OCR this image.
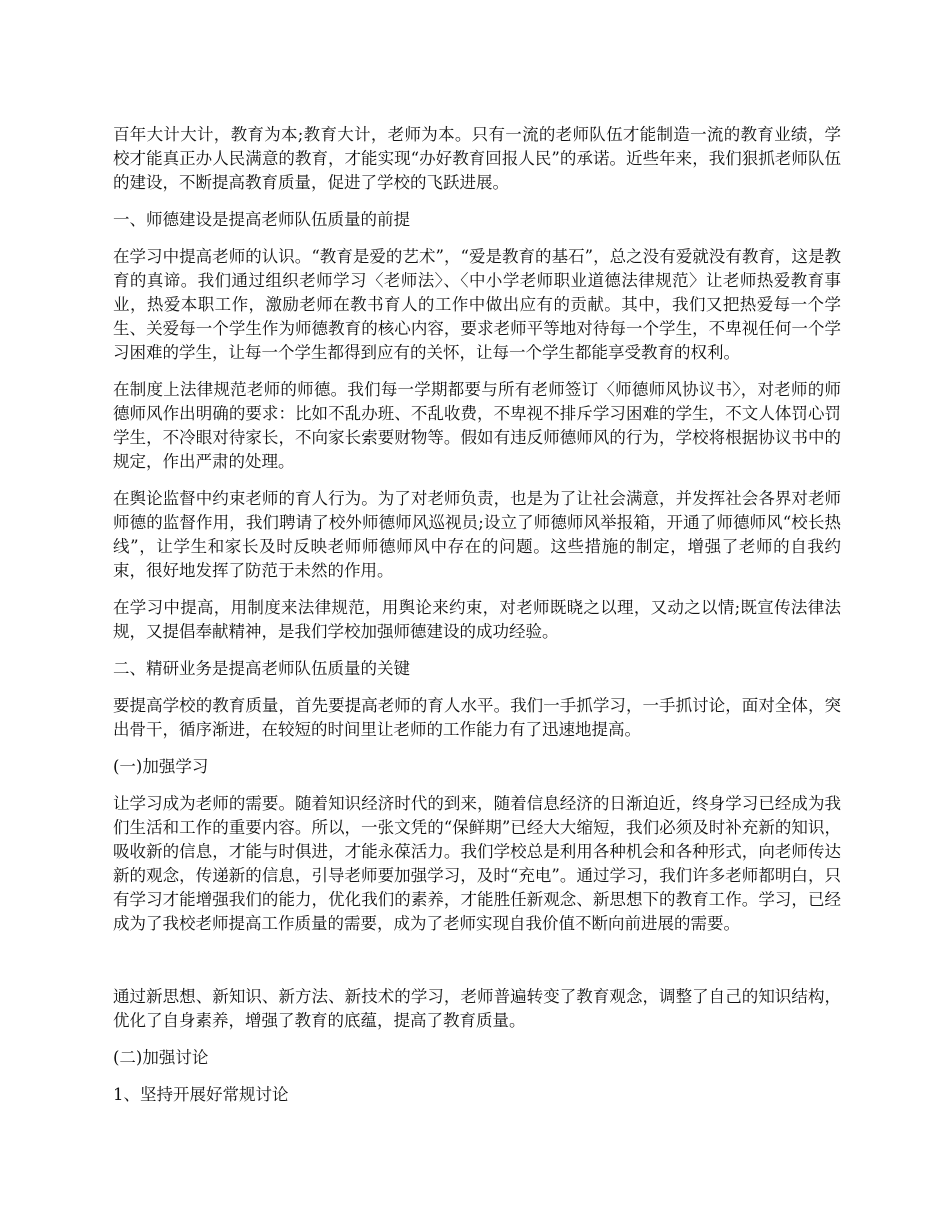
百年大计大计，教育为本;教育大计，老师为本。只有一流的老师队伍才能制造一流的教育业绩，学校才能真正办人民满意的教育，才能实现“办好教育回报人民”的承诺。近些年来，我们狠抓老师队伍的建设，不断提高教育质量，促进了学校的飞跃进展。

一、师德建设是提高老师队伍质量的前提

在学习中提高老师的认识。“教育是爱的艺术”，“爱是教育的基石”，总之没有爱就没有教育，这是教育的真谛。我们通过组织老师学习〈老师法〉、〈中小学老师职业道德法律规范〉让老师热爱教育事业，热爱本职工作，激励老师在教书育人的工作中做出应有的贡献。其中，我们又把热爱每一个学生、关爱每一个学生作为师德教育的核心内容，要求老师平等地对待每一个学生，不卑视任何一个学习困难的学生，让每一个学生都得到应有的关怀，让每一个学生都能享受教育的权利。

在制度上法律规范老师的师德。我们每一学期都要与所有老师签订〈师德师风协议书〉，对老师的师德师风作出明确的要求：比如不乱办班、不乱收费，不卑视不排斥学习困难的学生，不文人体罚心罚学生，不冷眼对待家长，不向家长索要财物等。假如有违反师德师风的行为，学校将根据协议书中的规定，作出严肃的处理。

在舆论监督中约束老师的育人行为。为了对老师负责，也是为了让社会满意，并发挥社会各界对老师师德的监督作用，我们聘请了校外师德师风巡视员;设立了师德师风举报箱，开通了师德师风“校长热线”，让学生和家长及时反映老师师德师风中存在的问题。这些措施的制定，增强了老师的自我约束，很好地发挥了防范于未然的作用。

在学习中提高，用制度来法律规范，用舆论来约束，对老师既晓之以理，又动之以情;既宣传法律法规，又提倡奉献精神，是我们学校加强师德建设的成功经验。

二、精研业务是提高老师队伍质量的关键

要提高学校的教育质量，首先要提高老师的育人水平。我们一手抓学习，一手抓讨论，面对全体，突出骨干，循序渐进，在较短的时间里让老师的工作能力有了迅速地提高。

(一)加强学习

让学习成为老师的需要。随着知识经济时代的到来，随着信息经济的日渐迫近，终身学习已经成为我们生活和工作的重要内容。所以，一张文凭的“保鲜期”已经大大缩短，我们必须及时补充新的知识，吸收新的信息，才能与时俱进，才能永葆活力。我们学校总是利用各种机会和各种形式，向老师传达新的观念，传递新的信息，引导老师要加强学习，及时“充电”。通过学习，我们许多老师都明白，只有学习才能增强我们的能力，优化我们的素养，才能胜任新观念、新思想下的教育工作。学习，已经成为了我校老师提高工作质量的需要，成为了老师实现自我价值不断向前进展的需要。

通过新思想、新知识、新方法、新技术的学习，老师普遍转变了教育观念，调整了自己的知识结构，优化了自身素养，增强了教育的底蕴，提高了教育质量。

(二)加强讨论

1、坚持开展好常规讨论
